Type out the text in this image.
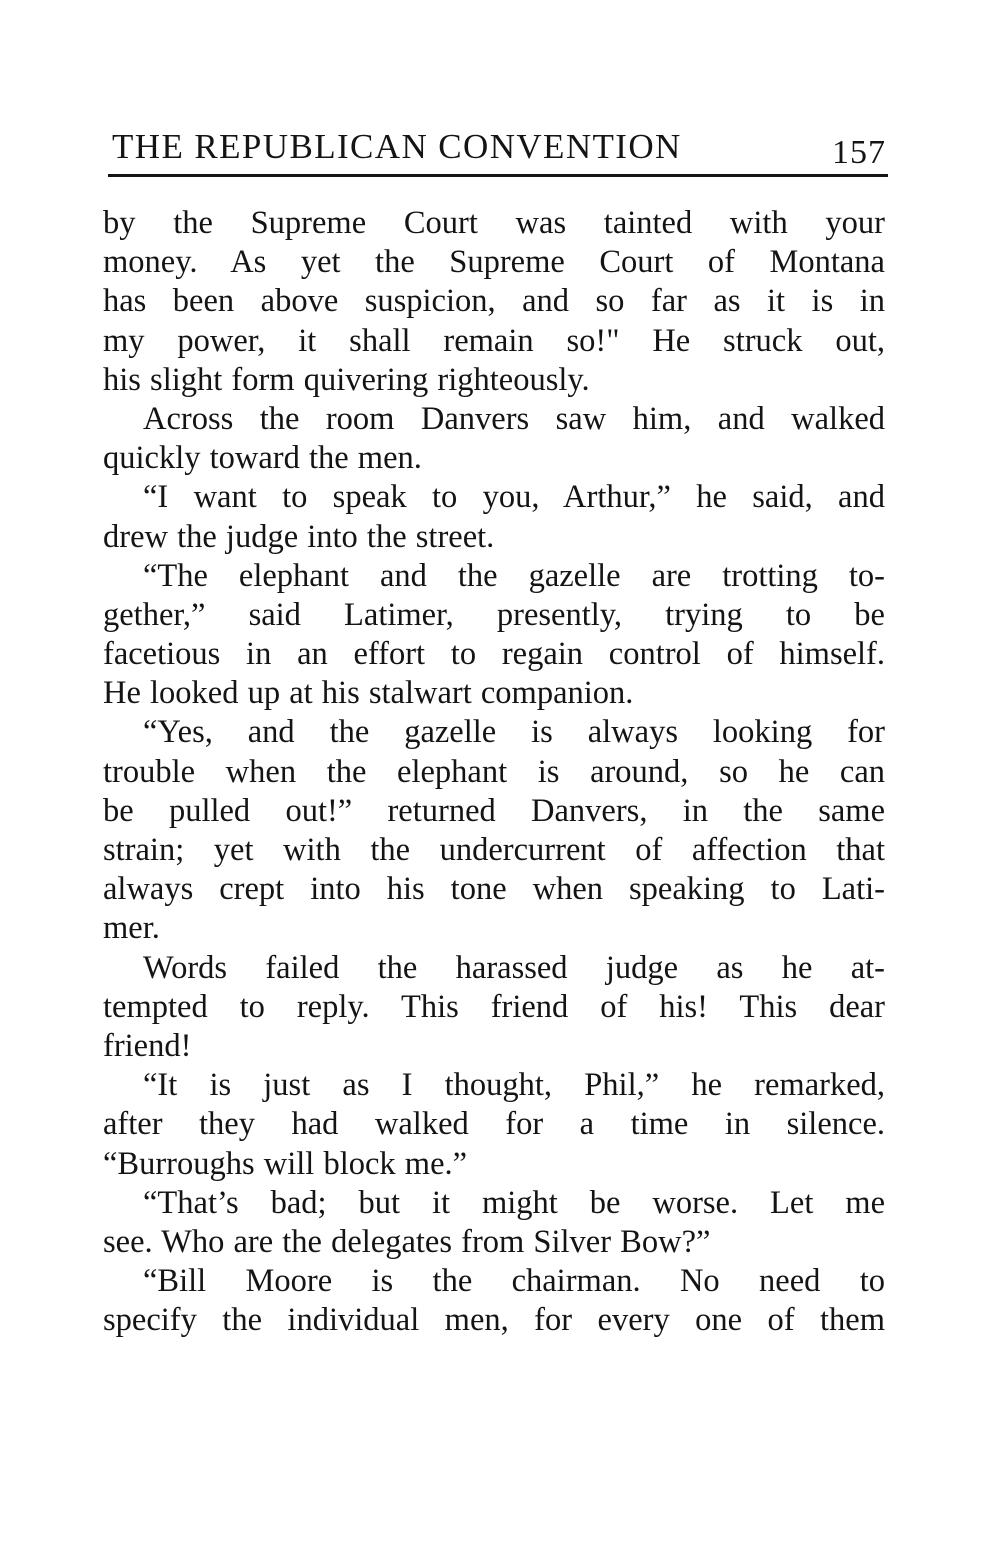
THE REPUBLICAN CONVENTION	157
by the Supreme Court was tainted with your
money. As yet the Supreme Court of Montana
has been above suspicion, and so far as it is in
my power, it shall remain so!" He struck out,
his slight form quivering righteously.
Across the room Danvers saw him, and walked
quickly toward the men.
“I want to speak to you, Arthur,” he said, and
drew the judge into the street.
“The elephant and the gazelle are trotting to-
gether,” said Latimer, presently, trying to be
facetious in an effort to regain control of himself.
He looked up at his stalwart companion.
“Yes, and the gazelle is always looking for
trouble when the elephant is around, so he can
be pulled out!” returned Danvers, in the same
strain; yet with the undercurrent of affection that
always crept into his tone when speaking to Lati-
mer.
Words failed the harassed judge as he at-
tempted to reply. This friend of his! This dear
friend!
“It is just as I thought, Phil,” he remarked,
after they had walked for a time in silence.
“Burroughs will block me.”
“That’s bad; but it might be worse. Let me
see. Who are the delegates from Silver Bow?”
“Bill Moore is the chairman. No need to
specify the individual men, for every one of them
